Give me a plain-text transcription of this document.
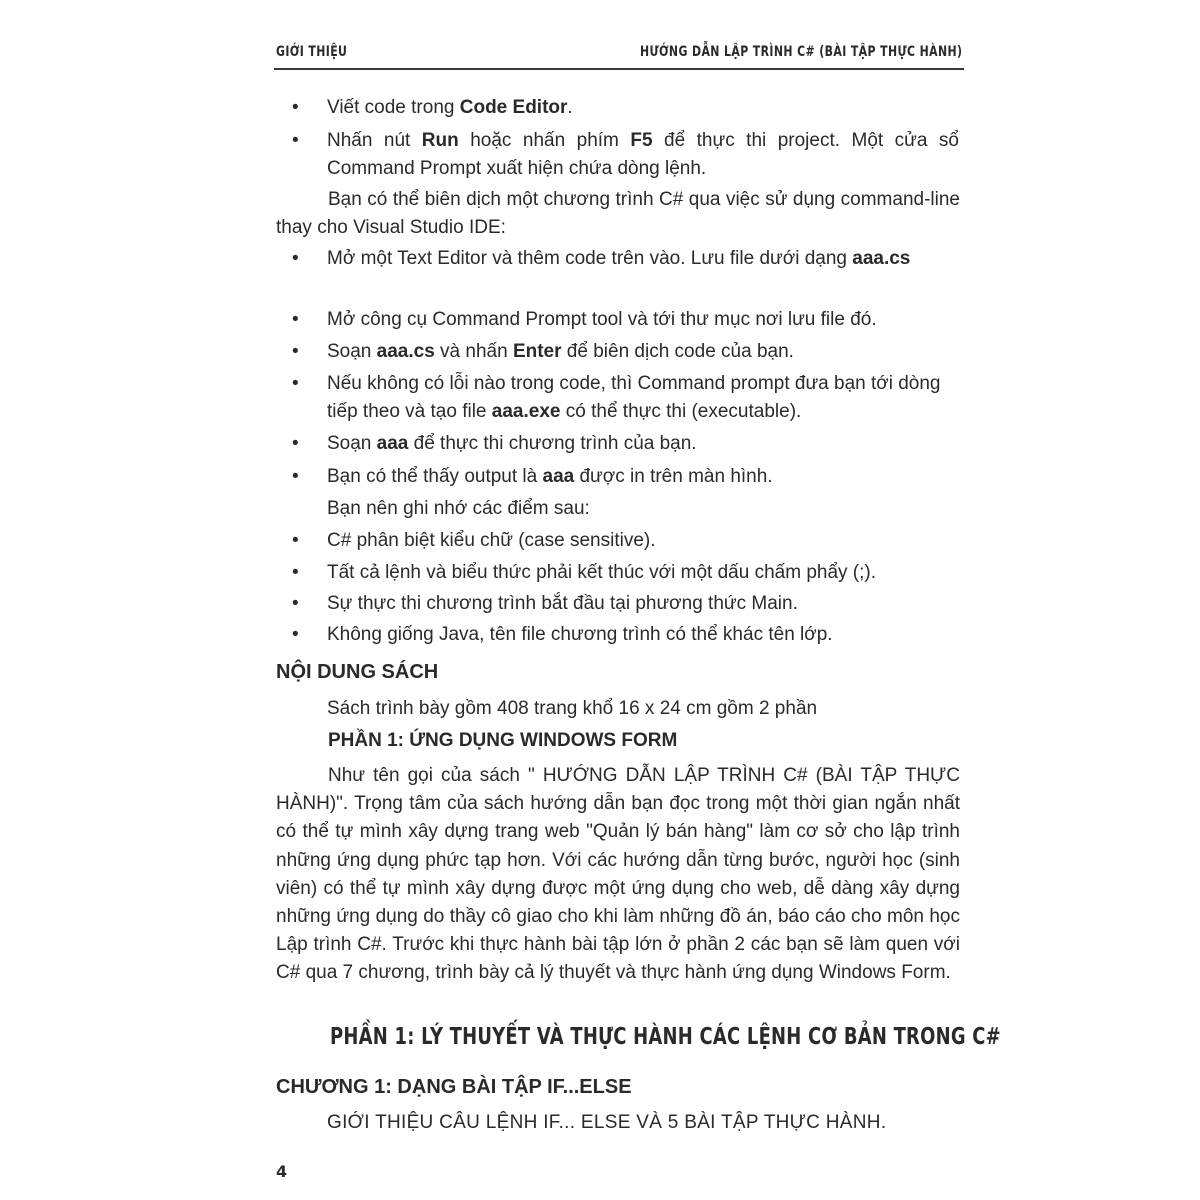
GIỚI THIỆU	HƯỚNG DẪN LẬP TRÌNH C# (BÀI TẬP THỰC HÀNH)
•	Viết code trong Code Editor.
•	Nhấn nút Run hoặc nhấn phím F5 để thực thi project. Một cửa sổ Command Prompt xuất hiện chứa dòng lệnh.
Bạn có thể biên dịch một chương trình C# qua việc sử dụng command-line thay cho Visual Studio IDE:
•	Mở một Text Editor và thêm code trên vào. Lưu file dưới dạng aaa.cs
•	Mở công cụ Command Prompt tool và tới thư mục nơi lưu file đó.
•	Soạn aaa.cs và nhấn Enter để biên dịch code của bạn.
•	Nếu không có lỗi nào trong code, thì Command prompt đưa bạn tới dòng tiếp theo và tạo file aaa.exe có thể thực thi (executable).
•	Soạn aaa để thực thi chương trình của bạn.
•	Bạn có thể thấy output là aaa được in trên màn hình.
Bạn nên ghi nhớ các điểm sau:
•	C# phân biệt kiểu chữ (case sensitive).
•	Tất cả lệnh và biểu thức phải kết thúc với một dấu chấm phẩy (;).
•	Sự thực thi chương trình bắt đầu tại phương thức Main.
•	Không giống Java, tên file chương trình có thể khác tên lớp.
NỘI DUNG SÁCH
Sách trình bày gồm 408 trang khổ 16 x 24 cm gồm 2 phần
PHẦN 1: ỨNG DỤNG WINDOWS FORM
Như tên gọi của sách " HƯỚNG DẪN LẬP TRÌNH C# (BÀI TẬP THỰC HÀNH)". Trọng tâm của sách hướng dẫn bạn đọc trong một thời gian ngắn nhất có thể tự mình xây dựng trang web "Quản lý bán hàng" làm cơ sở cho lập trình những ứng dụng phức tạp hơn. Với các hướng dẫn từng bước, người học (sinh viên) có thể tự mình xây dựng được một ứng dụng cho web, dễ dàng xây dựng những ứng dụng do thầy cô giao cho khi làm những đồ án, báo cáo cho môn học Lập trình C#. Trước khi thực hành bài tập lớn ở phần 2 các bạn sẽ làm quen với C# qua 7 chương, trình bày cả lý thuyết và thực hành ứng dụng Windows Form.
PHẦN 1: LÝ THUYẾT VÀ THỰC HÀNH CÁC LỆNH CƠ BẢN TRONG C#
CHƯƠNG 1: DẠNG BÀI TẬP IF...ELSE
GIỚI THIỆU CÂU LỆNH IF... ELSE VÀ 5 BÀI TẬP THỰC HÀNH.
4
